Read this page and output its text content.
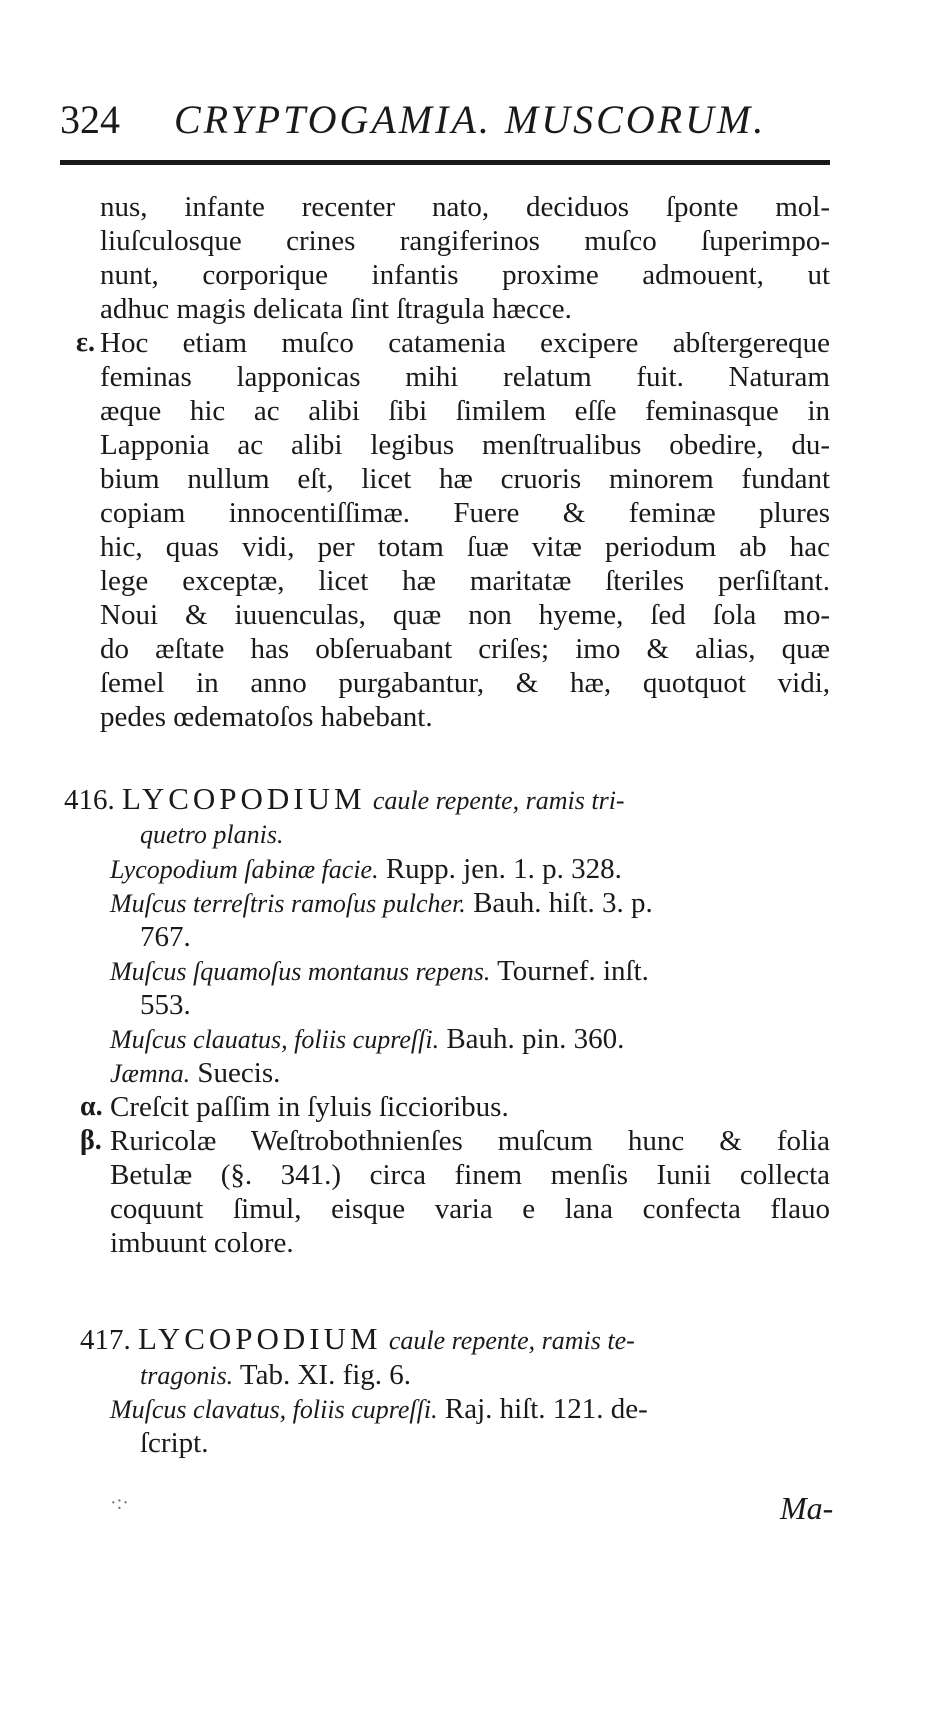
324 CRYPTOGAMIA. MUSCORUM.
nus, infante recenter nato, deciduos ſponte mol-
liuſculosque crines rangiferinos muſco ſuperimpo-
nunt, corporique infantis proxime admouent, ut
adhuc magis delicata ſint ſtragula hæcce.
ε. Hoc etiam muſco catamenia excipere abſtergereque
feminas lapponicas mihi relatum fuit. Naturam
æque hic ac alibi ſibi ſimilem eſſe feminasque in
Lapponia ac alibi legibus menſtrualibus obedire, du-
bium nullum eſt, licet hæ cruoris minorem fundant
copiam innocentiſſimæ. Fuere & feminæ plures
hic, quas vidi, per totam ſuæ vitæ periodum ab hac
lege exceptæ, licet hæ maritatæ ſteriles perſiſtant.
Noui & iuuenculas, quæ non hyeme, ſed ſola mo-
do æſtate has obſeruabant criſes; imo & alias, quæ
ſemel in anno purgabantur, & hæ, quotquot vidi,
pedes œdematoſos habebant.
416. LYCOPODIUM caule repente, ramis tri-
quetro planis.
Lycopodium ſabinæ facie. Rupp. jen. 1. p. 328.
Muſcus terreſtris ramoſus pulcher. Bauh. hiſt. 3. p.
767.
Muſcus ſquamoſus montanus repens. Tournef. inſt.
553.
Muſcus clauatus, foliis cupreſſi. Bauh. pin. 360.
Jæmna. Suecis.
α. Creſcit paſſim in ſyluis ſiccioribus.
β. Ruricolæ Weſtrobothnienſes muſcum hunc & folia
Betulæ (§. 341.) circa finem menſis Iunii collecta
coquunt ſimul, eisque varia e lana confecta flauo
imbuunt colore.
417. LYCOPODIUM caule repente, ramis te-
tragonis. Tab. XI. fig. 6.
Muſcus clavatus, foliis cupreſſi. Raj. hiſt. 121. de-
ſcript.
·:·	Ma-
